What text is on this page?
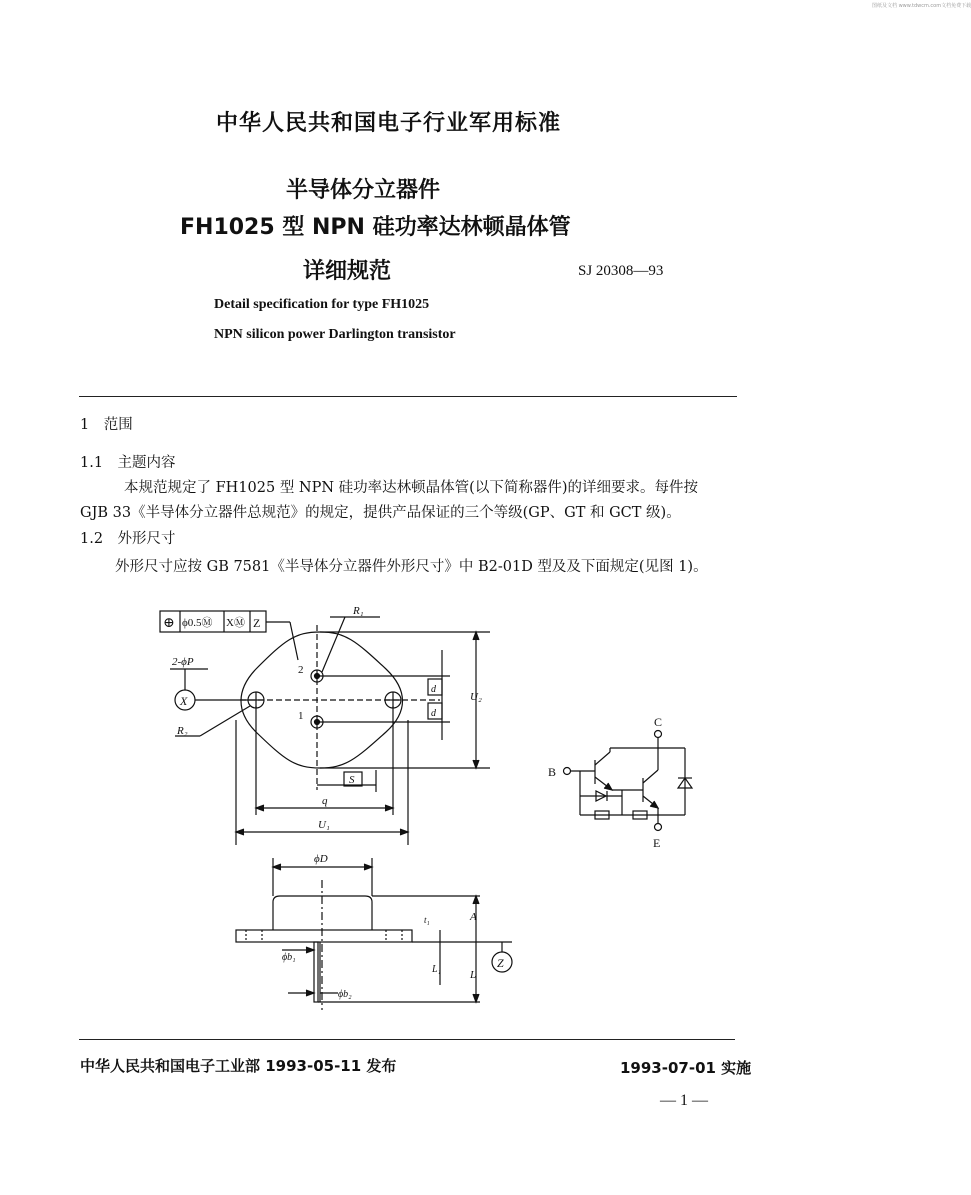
图纸及文档 www.tdwcm.com文档免费下载
中华人民共和国电子行业军用标准
半导体分立器件
FH1025 型 NPN 硅功率达林顿晶体管
详细规范	SJ 20308—93
Detail specification for type FH1025
NPN silicon power Darlington transistor
1　范围
1.1　主题内容
本规范规定了 FH1025 型 NPN 硅功率达林顿晶体管(以下简称器件)的详细要求。每件按
GJB 33《半导体分立器件总规范》的规定，提供产品保证的三个等级(GP、GT 和 GCT 级)。
1.2　外形尺寸
外形尺寸应按 GB 7581《半导体分立器件外形尺寸》中 B2-01D 型及及下面规定(见图 1)。
⊕ ϕ0.5Ⓜ XⓂ Z
R₁
2
1
2-ϕP
X
R₂
d
d
U₂
S
q
U₁
ϕD
A
L
L₁
t₁
ϕb₁
ϕb₂
Z
C
B
E
中华人民共和国电子工业部 1993-05-11 发布	1993-07-01 实施
— 1 —
